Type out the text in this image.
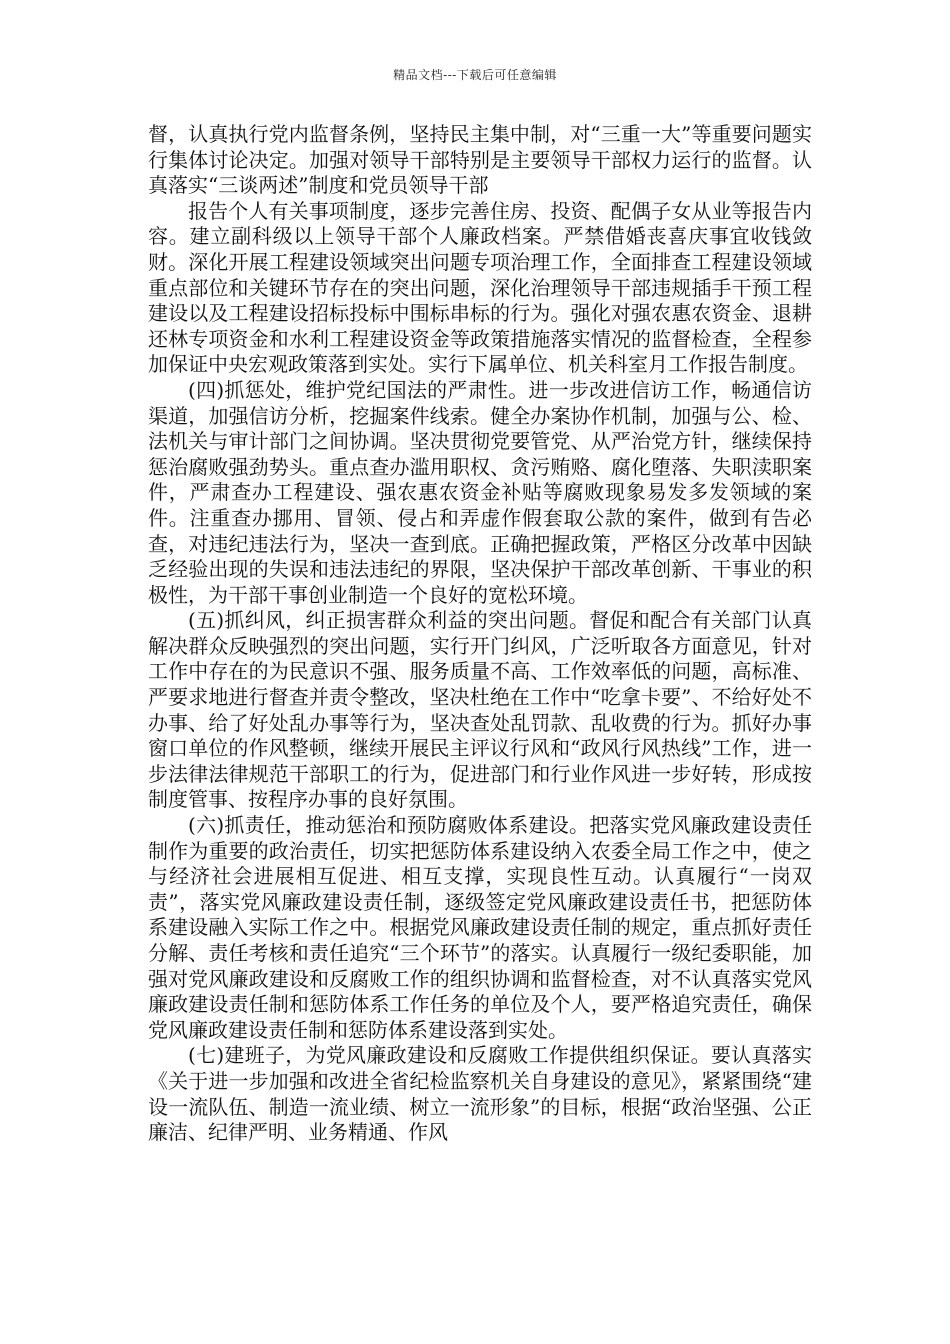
精品文档---下载后可任意编辑

督，认真执行党内监督条例，坚持民主集中制，对“三重一大”等重要问题实行集体讨论决定。加强对领导干部特别是主要领导干部权力运行的监督。认真落实“三谈两述”制度和党员领导干部

报告个人有关事项制度，逐步完善住房、投资、配偶子女从业等报告内容。建立副科级以上领导干部个人廉政档案。严禁借婚丧喜庆事宜收钱敛财。深化开展工程建设领域突出问题专项治理工作，全面排查工程建设领域重点部位和关键环节存在的突出问题，深化治理领导干部违规插手干预工程建设以及工程建设招标投标中围标串标的行为。强化对强农惠农资金、退耕还林专项资金和水利工程建设资金等政策措施落实情况的监督检查，全程参加保证中央宏观政策落到实处。实行下属单位、机关科室月工作报告制度。

(四)抓惩处，维护党纪国法的严肃性。进一步改进信访工作，畅通信访渠道，加强信访分析，挖掘案件线索。健全办案协作机制，加强与公、检、法机关与审计部门之间协调。坚决贯彻党要管党、从严治党方针，继续保持惩治腐败强劲势头。重点查办滥用职权、贪污贿赂、腐化堕落、失职渎职案件，严肃查办工程建设、强农惠农资金补贴等腐败现象易发多发领域的案件。注重查办挪用、冒领、侵占和弄虚作假套取公款的案件，做到有告必查，对违纪违法行为，坚决一查到底。正确把握政策，严格区分改革中因缺乏经验出现的失误和违法违纪的界限，坚决保护干部改革创新、干事业的积极性，为干部干事创业制造一个良好的宽松环境。

(五)抓纠风，纠正损害群众利益的突出问题。督促和配合有关部门认真解决群众反映强烈的突出问题，实行开门纠风，广泛听取各方面意见，针对工作中存在的为民意识不强、服务质量不高、工作效率低的问题，高标准、严要求地进行督查并责令整改，坚决杜绝在工作中“吃拿卡要”、不给好处不办事、给了好处乱办事等行为，坚决查处乱罚款、乱收费的行为。抓好办事窗口单位的作风整顿，继续开展民主评议行风和“政风行风热线”工作，进一步法律法律规范干部职工的行为，促进部门和行业作风进一步好转，形成按制度管事、按程序办事的良好氛围。

(六)抓责任，推动惩治和预防腐败体系建设。把落实党风廉政建设责任制作为重要的政治责任，切实把惩防体系建设纳入农委全局工作之中，使之与经济社会进展相互促进、相互支撑，实现良性互动。认真履行“一岗双责”，落实党风廉政建设责任制，逐级签定党风廉政建设责任书，把惩防体系建设融入实际工作之中。根据党风廉政建设责任制的规定，重点抓好责任分解、责任考核和责任追究“三个环节”的落实。认真履行一级纪委职能，加强对党风廉政建设和反腐败工作的组织协调和监督检查，对不认真落实党风廉政建设责任制和惩防体系工作任务的单位及个人，要严格追究责任，确保党风廉政建设责任制和惩防体系建设落到实处。

(七)建班子，为党风廉政建设和反腐败工作提供组织保证。要认真落实《关于进一步加强和改进全省纪检监察机关自身建设的意见》，紧紧围绕“建设一流队伍、制造一流业绩、树立一流形象”的目标，根据“政治坚强、公正廉洁、纪律严明、业务精通、作风
